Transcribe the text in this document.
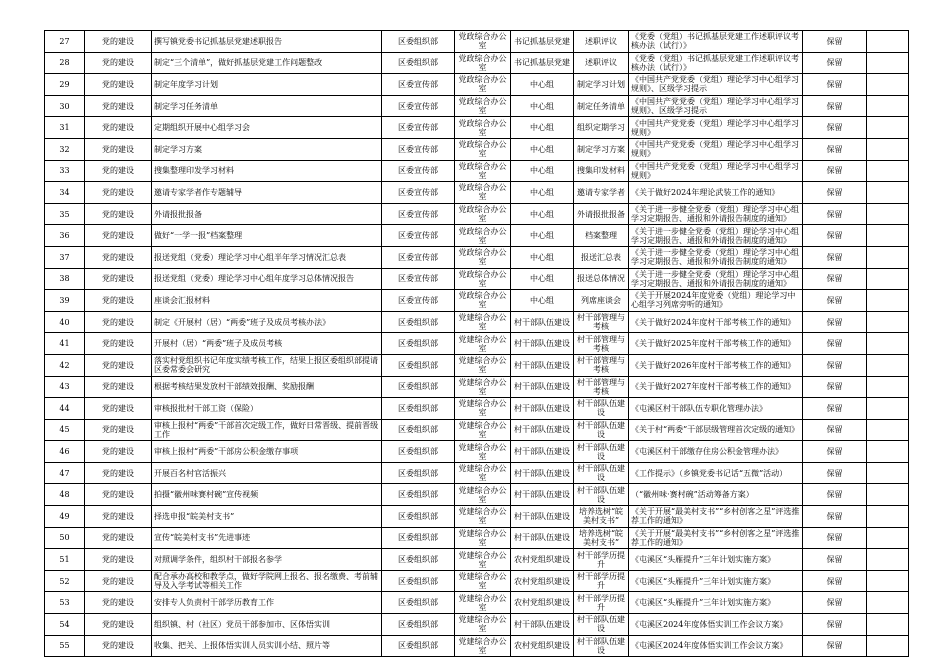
27	党的建设	撰写镇党委书记抓基层党建述职报告	区委组织部	党政综合办公室	书记抓基层党建	述职评议	《党委（党组）书记抓基层党建工作述职评议考核办法（试行）》	保留	
28	党的建设	制定“三个清单”，做好抓基层党建工作问题整改	区委组织部	党政综合办公室	书记抓基层党建	述职评议	《党委（党组）书记抓基层党建工作述职评议考核办法（试行）》	保留	
29	党的建设	制定年度学习计划	区委宣传部	党政综合办公室	中心组	制定学习计划	《中国共产党党委（党组）理论学习中心组学习规则》、区级学习提示	保留	
30	党的建设	制定学习任务清单	区委宣传部	党政综合办公室	中心组	制定任务清单	《中国共产党党委（党组）理论学习中心组学习规则》、区级学习提示	保留	
31	党的建设	定期组织开展中心组学习会	区委宣传部	党政综合办公室	中心组	组织定期学习	《中国共产党党委（党组）理论学习中心组学习规则》	保留	
32	党的建设	制定学习方案	区委宣传部	党政综合办公室	中心组	制定学习方案	《中国共产党党委（党组）理论学习中心组学习规则》	保留	
33	党的建设	搜集整理印发学习材料	区委宣传部	党政综合办公室	中心组	搜集印发材料	《中国共产党党委（党组）理论学习中心组学习规则》	保留	
34	党的建设	邀请专家学者作专题辅导	区委宣传部	党政综合办公室	中心组	邀请专家学者	《关于做好2024年理论武装工作的通知》	保留	
35	党的建设	外请报批报备	区委宣传部	党政综合办公室	中心组	外请报批报备	《关于进一步健全党委（党组）理论学习中心组学习定期报告、通报和外请报告制度的通知》	保留	
36	党的建设	做好“一学一报”档案整理	区委宣传部	党政综合办公室	中心组	档案整理	《关于进一步健全党委（党组）理论学习中心组学习定期报告、通报和外请报告制度的通知》	保留	
37	党的建设	报送党组（党委）理论学习中心组半年学习情况汇总表	区委宣传部	党政综合办公室	中心组	报送汇总表	《关于进一步健全党委（党组）理论学习中心组学习定期报告、通报和外请报告制度的通知》	保留	
38	党的建设	报送党组（党委）理论学习中心组年度学习总体情况报告	区委宣传部	党政综合办公室	中心组	报送总体情况	《关于进一步健全党委（党组）理论学习中心组学习定期报告、通报和外请报告制度的通知》	保留	
39	党的建设	座谈会汇报材料	区委宣传部	党政综合办公室	中心组	列席座谈会	《关于开展2024年度党委（党组）理论学习中心组学习列席旁听的通知》	保留	
40	党的建设	制定《开展村（居）“两委”班子及成员考核办法》	区委组织部	党建综合办公室	村干部队伍建设	村干部管理与考核	《关于做好2024年度村干部考核工作的通知》	保留	
41	党的建设	开展村（居）“两委”班子及成员考核	区委组织部	党建综合办公室	村干部队伍建设	村干部管理与考核	《关于做好2025年度村干部考核工作的通知》	保留	
42	党的建设	落实村党组织书记年度实绩考核工作，结果上报区委组织部提请区委常委会研究	区委组织部	党建综合办公室	村干部队伍建设	村干部管理与考核	《关于做好2026年度村干部考核工作的通知》	保留	
43	党的建设	根据考核结果发放村干部绩效报酬、奖励报酬	区委组织部	党建综合办公室	村干部队伍建设	村干部管理与考核	《关于做好2027年度村干部考核工作的通知》	保留	
44	党的建设	审核报批村干部工资（保险）	区委组织部	党建综合办公室	村干部队伍建设	村干部队伍建设	《屯溪区村干部队伍专职化管理办法》	保留	
45	党的建设	审核上报村“两委”干部首次定级工作，做好日常晋级、提前晋级工作	区委组织部	党建综合办公室	村干部队伍建设	村干部队伍建设	《关于村“两委”干部层级管理首次定级的通知》	保留	
46	党的建设	审核上报村“两委”干部房公积金缴存事项	区委组织部	党建综合办公室	村干部队伍建设	村干部队伍建设	《屯溪区村干部缴存住房公积金管理办法》	保留	
47	党的建设	开展百名村官活振兴	区委组织部	党建综合办公室	村干部队伍建设	村干部队伍建设	《工作提示》（乡镇党委书记话“五微”活动）	保留	
48	党的建设	拍摄“徽州味赛村碗”宣传视频	区委组织部	党建综合办公室	村干部队伍建设	村干部队伍建设	（“徽州味·赛村碗”活动筹备方案）	保留	
49	党的建设	择选申报“皖美村支书”	区委组织部	党建综合办公室	村干部队伍建设	培养选树“皖美村支书”	《关于开展“最美村支书”“乡村创客之星”评选推荐工作的通知》	保留	
50	党的建设	宣传“皖美村支书”先进事迹	区委组织部	党建综合办公室	村干部队伍建设	培养选树“皖美村支书”	《关于开展“最美村支书”“乡村创客之星”评选推荐工作的通知》	保留	
51	党的建设	对照调学条件，组织村干部报名参学	区委组织部	党建综合办公室	农村党组织建设	村干部学历提升	《屯溪区“头雁提升”三年计划实施方案》	保留	
52	党的建设	配合承办高校和教学点，做好学院网上报名、报名缴费、考前辅导及入学考试等相关工作	区委组织部	党建综合办公室	农村党组织建设	村干部学历提升	《屯溪区“头雁提升”三年计划实施方案》	保留	
53	党的建设	安排专人负责村干部学历教育工作	区委组织部	党建综合办公室	农村党组织建设	村干部学历提升	《屯溪区“头雁提升”三年计划实施方案》	保留	
54	党的建设	组织镇、村（社区）党员干部参加市、区体悟实训	区委组织部	党建综合办公室	村干部队伍建设	村干部队伍建设	《屯溪区2024年度体悟实训工作会议方案》	保留	
55	党的建设	收集、把关、上报体悟实训人员实训小结、照片等	区委组织部	党建综合办公室	农村党组织建设	村干部队伍建设	《屯溪区2024年度体悟实训工作会议方案》	保留	
